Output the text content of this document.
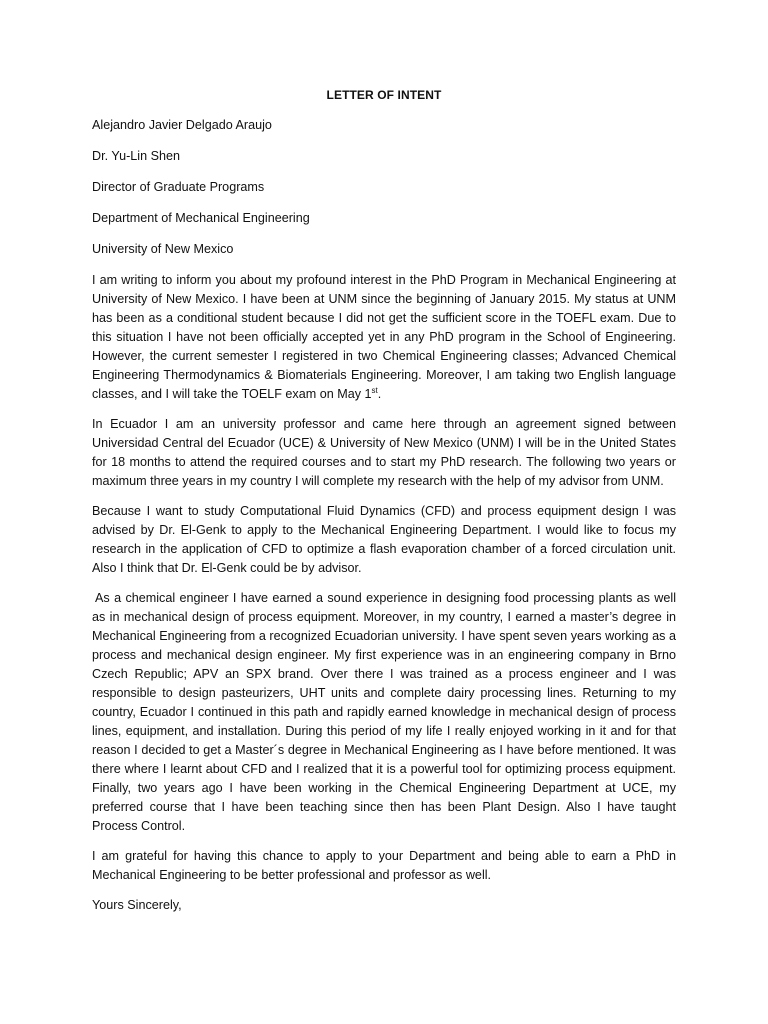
LETTER OF INTENT
Alejandro Javier Delgado Araujo
Dr. Yu-Lin Shen
Director of Graduate Programs
Department of Mechanical Engineering
University of New Mexico

I am writing to inform you about my profound interest in the PhD Program in Mechanical Engineering at University of New Mexico. I have been at UNM since the beginning of January 2015. My status at UNM has been as a conditional student because I did not get the sufficient score in the TOEFL exam. Due to this situation I have not been officially accepted yet in any PhD program in the School of Engineering. However, the current semester I registered in two Chemical Engineering classes; Advanced Chemical Engineering Thermodynamics & Biomaterials Engineering. Moreover, I am taking two English language classes, and I will take the TOELF exam on May 1st.

In Ecuador I am an university professor and came here through an agreement signed between Universidad Central del Ecuador (UCE) & University of New Mexico (UNM) I will be in the United States for 18 months to attend the required courses and to start my PhD research. The following two years or maximum three years in my country I will complete my research with the help of my advisor from UNM.

Because I want to study Computational Fluid Dynamics (CFD) and process equipment design I was advised by Dr. El-Genk to apply to the Mechanical Engineering Department. I would like to focus my research in the application of CFD to optimize a flash evaporation chamber of a forced circulation unit. Also I think that Dr. El-Genk could be by advisor.

As a chemical engineer I have earned a sound experience in designing food processing plants as well as in mechanical design of process equipment. Moreover, in my country, I earned a master’s degree in Mechanical Engineering from a recognized Ecuadorian university. I have spent seven years working as a process and mechanical design engineer. My first experience was in an engineering company in Brno Czech Republic; APV an SPX brand. Over there I was trained as a process engineer and I was responsible to design pasteurizers, UHT units and complete dairy processing lines. Returning to my country, Ecuador I continued in this path and rapidly earned knowledge in mechanical design of process lines, equipment, and installation. During this period of my life I really enjoyed working in it and for that reason I decided to get a Master´s degree in Mechanical Engineering as I have before mentioned. It was there where I learnt about CFD and I realized that it is a powerful tool for optimizing process equipment. Finally, two years ago I have been working in the Chemical Engineering Department at UCE, my preferred course that I have been teaching since then has been Plant Design. Also I have taught Process Control.

I am grateful for having this chance to apply to your Department and being able to earn a PhD in Mechanical Engineering to be better professional and professor as well.

Yours Sincerely,
